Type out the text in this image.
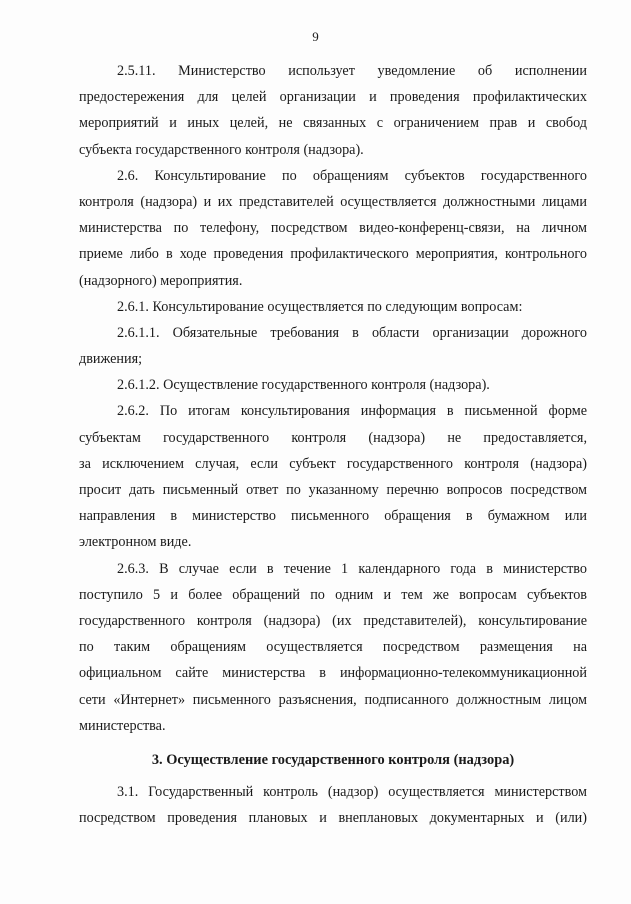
9
2.5.11. Министерство использует уведомление об исполнении
предостережения для целей организации и проведения профилактических
мероприятий и иных целей, не связанных с ограничением прав и свобод
субъекта государственного контроля (надзора).
2.6. Консультирование по обращениям субъектов государственного
контроля (надзора) и их представителей осуществляется должностными лицами
министерства по телефону, посредством видео-конференц-связи, на личном
приеме либо в ходе проведения профилактического мероприятия, контрольного
(надзорного) мероприятия.
2.6.1. Консультирование осуществляется по следующим вопросам:
2.6.1.1. Обязательные требования в области организации дорожного
движения;
2.6.1.2. Осуществление государственного контроля (надзора).
2.6.2. По итогам консультирования информация в письменной форме
субъектам государственного контроля (надзора) не предоставляется,
за исключением случая, если субъект государственного контроля (надзора)
просит дать письменный ответ по указанному перечню вопросов посредством
направления в министерство письменного обращения в бумажном или
электронном виде.
2.6.3. В случае если в течение 1 календарного года в министерство
поступило 5 и более обращений по одним и тем же вопросам субъектов
государственного контроля (надзора) (их представителей), консультирование
по таким обращениям осуществляется посредством размещения на
официальном сайте министерства в информационно-телекоммуникационной
сети «Интернет» письменного разъяснения, подписанного должностным лицом
министерства.
3. Осуществление государственного контроля (надзора)
3.1. Государственный контроль (надзор) осуществляется министерством
посредством проведения плановых и внеплановых документарных и (или)
